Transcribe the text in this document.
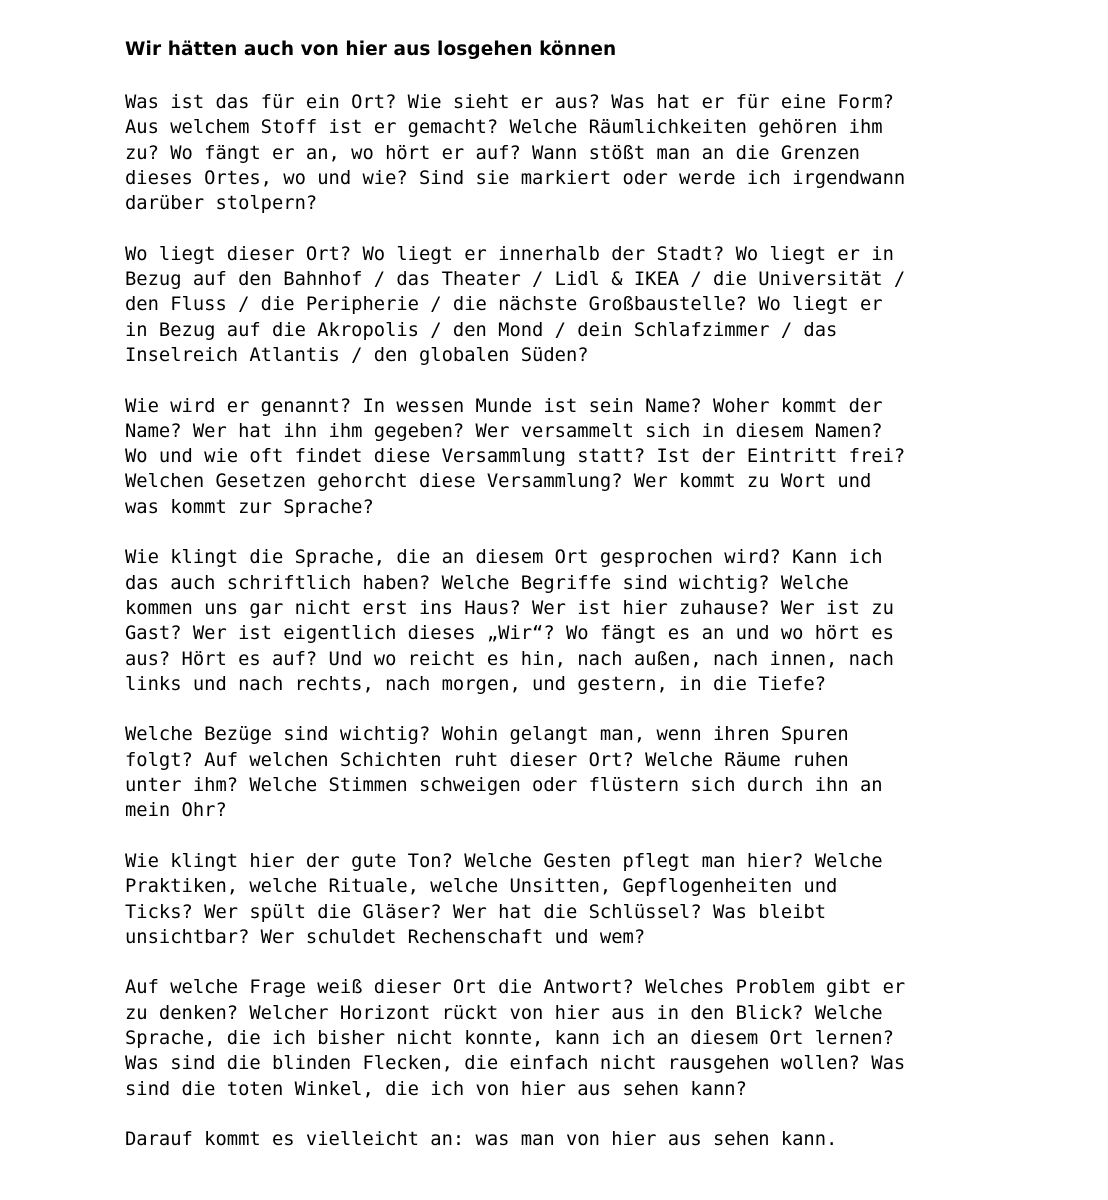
Wir hätten auch von hier aus losgehen können

Was ist das für ein Ort? Wie sieht er aus? Was hat er für eine Form?
Aus welchem Stoff ist er gemacht? Welche Räumlichkeiten gehören ihm
zu? Wo fängt er an, wo hört er auf? Wann stößt man an die Grenzen
dieses Ortes, wo und wie? Sind sie markiert oder werde ich irgendwann
darüber stolpern?

Wo liegt dieser Ort? Wo liegt er innerhalb der Stadt? Wo liegt er in
Bezug auf den Bahnhof / das Theater / Lidl & IKEA / die Universität /
den Fluss / die Peripherie / die nächste Großbaustelle? Wo liegt er
in Bezug auf die Akropolis / den Mond / dein Schlafzimmer / das
Inselreich Atlantis / den globalen Süden?

Wie wird er genannt? In wessen Munde ist sein Name? Woher kommt der
Name? Wer hat ihn ihm gegeben? Wer versammelt sich in diesem Namen?
Wo und wie oft findet diese Versammlung statt? Ist der Eintritt frei?
Welchen Gesetzen gehorcht diese Versammlung? Wer kommt zu Wort und
was kommt zur Sprache?

Wie klingt die Sprache, die an diesem Ort gesprochen wird? Kann ich
das auch schriftlich haben? Welche Begriffe sind wichtig? Welche
kommen uns gar nicht erst ins Haus? Wer ist hier zuhause? Wer ist zu
Gast? Wer ist eigentlich dieses „Wir“? Wo fängt es an und wo hört es
aus? Hört es auf? Und wo reicht es hin, nach außen, nach innen, nach
links und nach rechts, nach morgen, und gestern, in die Tiefe?

Welche Bezüge sind wichtig? Wohin gelangt man, wenn ihren Spuren
folgt? Auf welchen Schichten ruht dieser Ort? Welche Räume ruhen
unter ihm? Welche Stimmen schweigen oder flüstern sich durch ihn an
mein Ohr?

Wie klingt hier der gute Ton? Welche Gesten pflegt man hier? Welche
Praktiken, welche Rituale, welche Unsitten, Gepflogenheiten und
Ticks? Wer spült die Gläser? Wer hat die Schlüssel? Was bleibt
unsichtbar? Wer schuldet Rechenschaft und wem?

Auf welche Frage weiß dieser Ort die Antwort? Welches Problem gibt er
zu denken? Welcher Horizont rückt von hier aus in den Blick? Welche
Sprache, die ich bisher nicht konnte, kann ich an diesem Ort lernen?
Was sind die blinden Flecken, die einfach nicht rausgehen wollen? Was
sind die toten Winkel, die ich von hier aus sehen kann?

Darauf kommt es vielleicht an: was man von hier aus sehen kann.
